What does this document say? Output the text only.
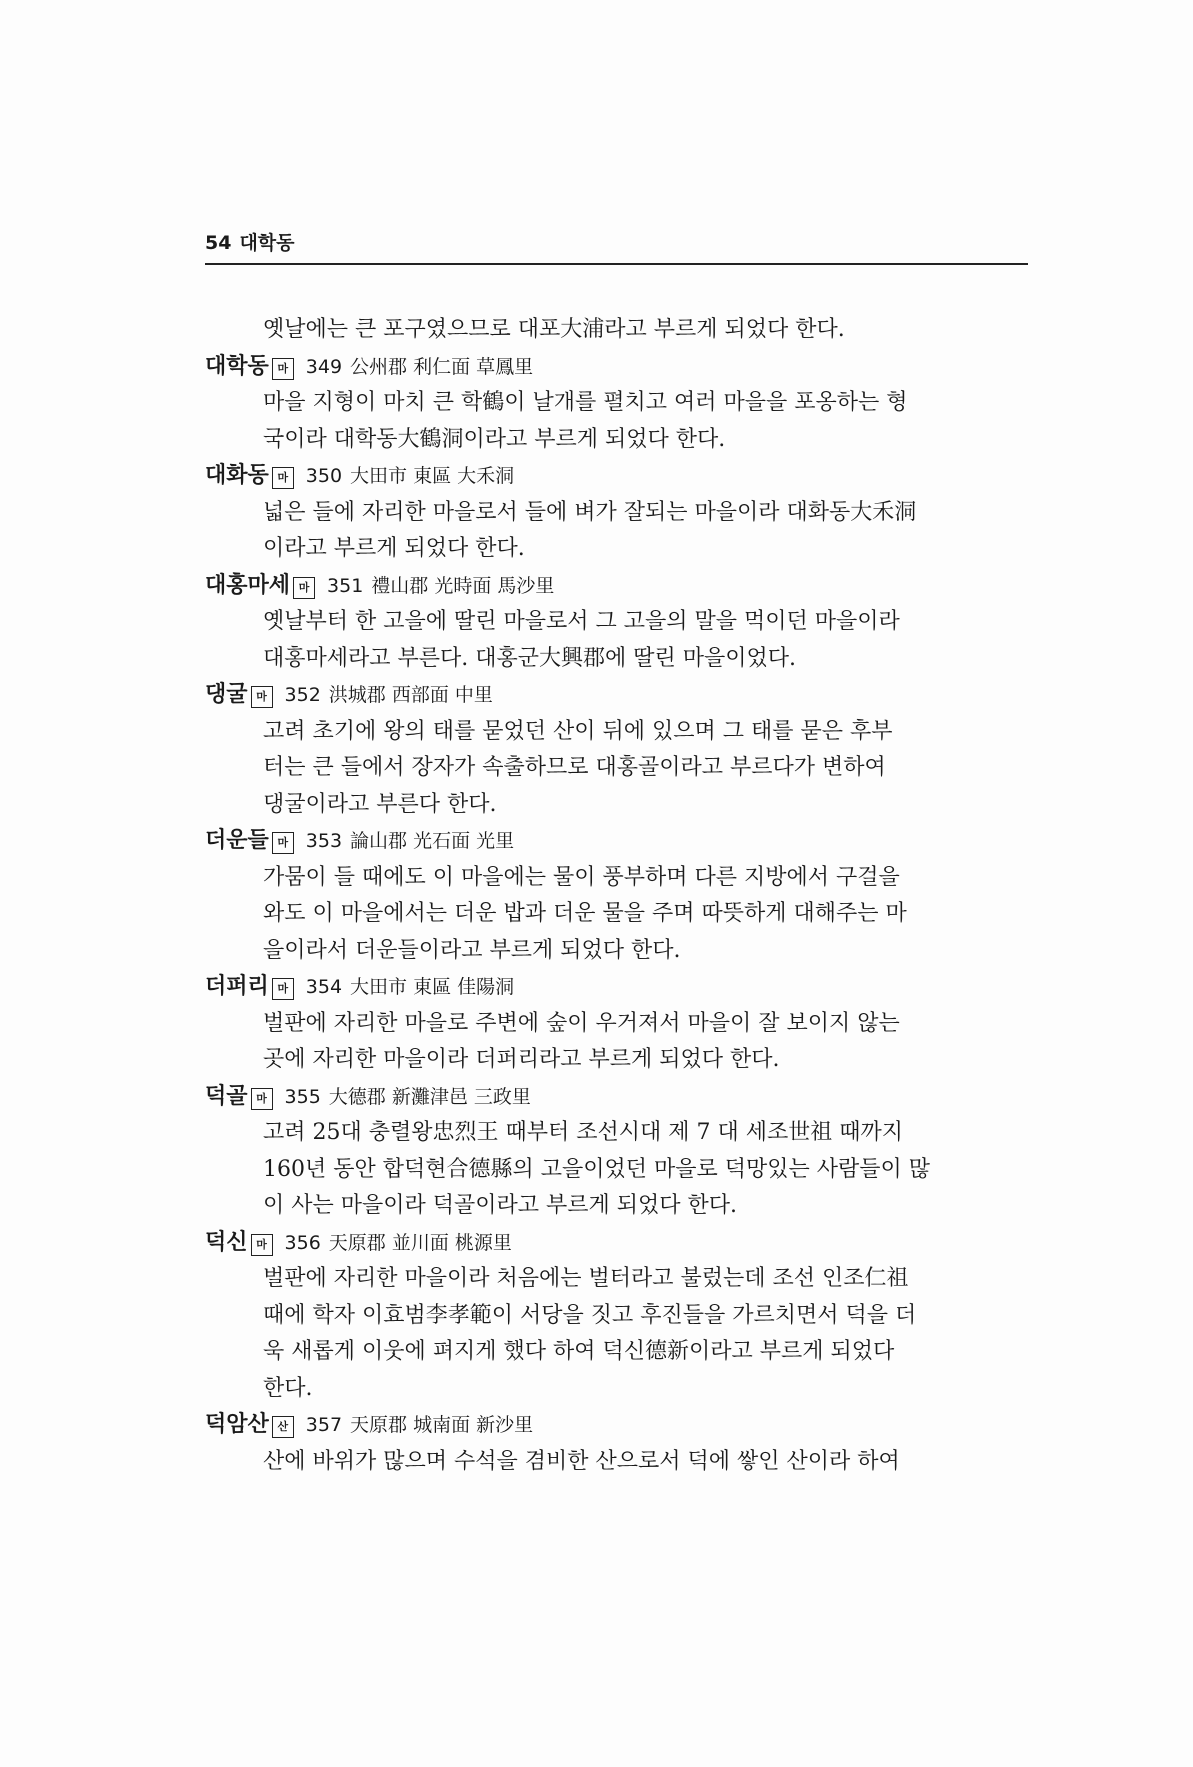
54 대학동

옛날에는 큰 포구였으므로 대포大浦라고 부르게 되었다 한다.

대학동 마 349 公州郡 利仁面 草鳳里

마을 지형이 마치 큰 학鶴이 날개를 펼치고 여러 마을을 포옹하는 형
국이라 대학동大鶴洞이라고 부르게 되었다 한다.

대화동 마 350 大田市 東區 大禾洞

넓은 들에 자리한 마을로서 들에 벼가 잘되는 마을이라 대화동大禾洞
이라고 부르게 되었다 한다.

대홍마세 마 351 禮山郡 光時面 馬沙里

옛날부터 한 고을에 딸린 마을로서 그 고을의 말을 먹이던 마을이라
대홍마세라고 부른다. 대홍군大興郡에 딸린 마을이었다.

댕굴 마 352 洪城郡 西部面 中里

고려 초기에 왕의 태를 묻었던 산이 뒤에 있으며 그 태를 묻은 후부
터는 큰 들에서 장자가 속출하므로 대홍골이라고 부르다가 변하여
댕굴이라고 부른다 한다.

더운들 마 353 論山郡 光石面 光里

가뭄이 들 때에도 이 마을에는 물이 풍부하며 다른 지방에서 구걸을
와도 이 마을에서는 더운 밥과 더운 물을 주며 따뜻하게 대해주는 마
을이라서 더운들이라고 부르게 되었다 한다.

더퍼리 마 354 大田市 東區 佳陽洞

벌판에 자리한 마을로 주변에 숲이 우거져서 마을이 잘 보이지 않는
곳에 자리한 마을이라 더퍼리라고 부르게 되었다 한다.

덕골 마 355 大德郡 新灘津邑 三政里

고려 25대 충렬왕忠烈王 때부터 조선시대 제 7 대 세조世祖 때까지
160년 동안 합덕현合德縣의 고을이었던 마을로 덕망있는 사람들이 많
이 사는 마을이라 덕골이라고 부르게 되었다 한다.

덕신 마 356 天原郡 並川面 桃源里

벌판에 자리한 마을이라 처음에는 벌터라고 불렀는데 조선 인조仁祖
때에 학자 이효범李孝範이 서당을 짓고 후진들을 가르치면서 덕을 더
욱 새롭게 이웃에 펴지게 했다 하여 덕신德新이라고 부르게 되었다
한다.

덕암산 산 357 天原郡 城南面 新沙里

산에 바위가 많으며 수석을 겸비한 산으로서 덕에 쌓인 산이라 하여
